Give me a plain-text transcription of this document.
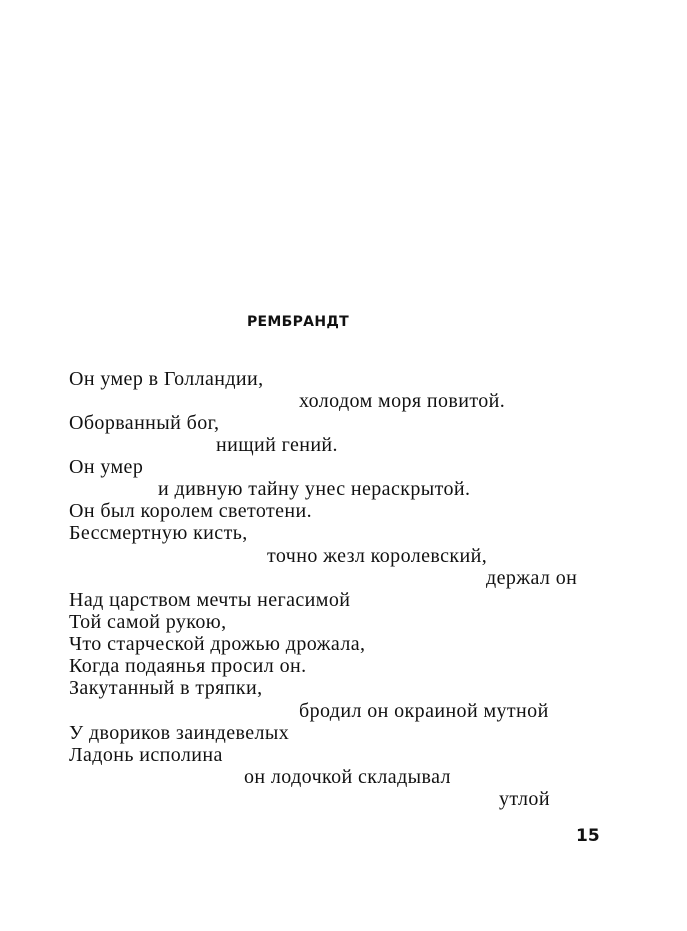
РЕМБРАНДТ
Он умер в Голландии,
холодом моря повитой.
Оборванный бог,
нищий гений.
Он умер
и дивную тайну унес нераскрытой.
Он был королем светотени.
Бессмертную кисть,
точно жезл королевский,
держал он
Над царством мечты негасимой
Той самой рукою,
Что старческой дрожью дрожала,
Когда подаянья просил он.
Закутанный в тряпки,
бродил он окраиной мутной
У двориков заиндевелых
Ладонь исполина
он лодочкой складывал
утлой
15
